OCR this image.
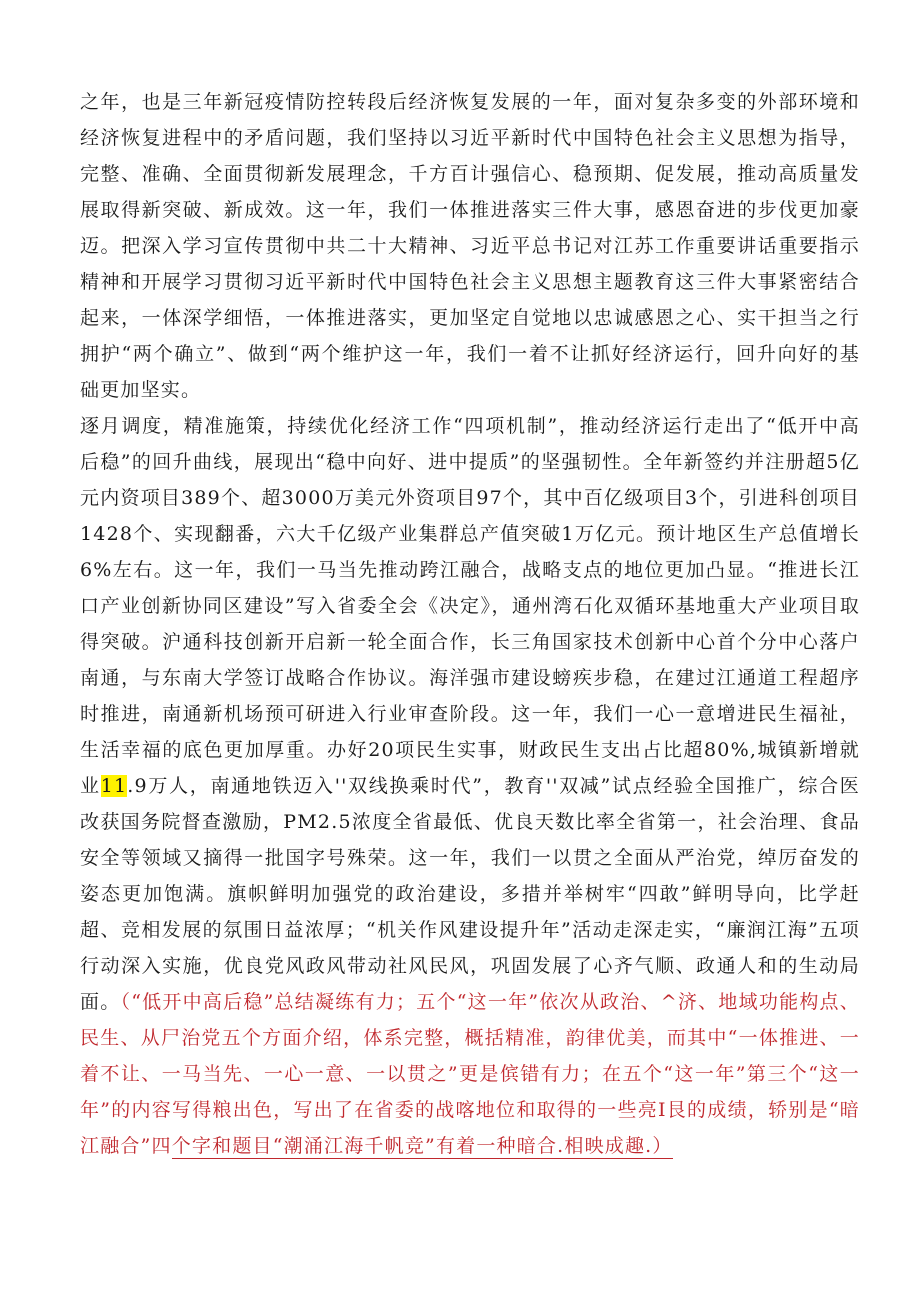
之年，也是三年新冠疫情防控转段后经济恢复发展的一年，面对复杂多变的外部环境和经济恢复进程中的矛盾问题，我们坚持以习近平新时代中国特色社会主义思想为指导，完整、准确、全面贯彻新发展理念，千方百计强信心、稳预期、促发展，推动高质量发展取得新突破、新成效。这一年，我们一体推进落实三件大事，感恩奋进的步伐更加豪迈。把深入学习宣传贯彻中共二十大精神、习近平总书记对江苏工作重要讲话重要指示精神和开展学习贯彻习近平新时代中国特色社会主义思想主题教育这三件大事紧密结合起来，一体深学细悟，一体推进落实，更加坚定自觉地以忠诚感恩之心、实干担当之行拥护“两个确立”、做到“两个维护这一年，我们一着不让抓好经济运行，回升向好的基础更加坚实。

逐月调度，精准施策，持续优化经济工作“四项机制”，推动经济运行走出了“低开中高后稳”的回升曲线，展现出“稳中向好、进中提质”的坚强韧性。全年新签约并注册超5亿元内资项目389个、超3000万美元外资项目97个，其中百亿级项目3个，引进科创项目1428个、实现翻番，六大千亿级产业集群总产值突破1万亿元。预计地区生产总值增长6%左右。这一年，我们一马当先推动跨江融合，战略支点的地位更加凸显。“推进长江口产业创新协同区建设”写入省委全会《决定》，通州湾石化双循环基地重大产业项目取得突破。沪通科技创新开启新一轮全面合作，长三角国家技术创新中心首个分中心落户南通，与东南大学签订战略合作协议。海洋强市建设螃疾步稳，在建过江通道工程超序时推进，南通新机场预可研进入行业审查阶段。这一年，我们一心一意增进民生福祉，生活幸福的底色更加厚重。办好20项民生实事，财政民生支出占比超80%,城镇新增就业11.9万人，南通地铁迈入''双线换乘时代”，教育''双减”试点经验全国推广，综合医改获国务院督查激励，PM2.5浓度全省最低、优良天数比率全省第一，社会治理、食品安全等领域又摘得一批国字号殊荣。这一年，我们一以贯之全面从严治党，绰厉奋发的姿态更加饱满。旗帜鲜明加强党的政治建设，多措并举树牢“四敢”鲜明导向，比学赶超、竞相发展的氛围日益浓厚；“机关作风建设提升年”活动走深走实，“廉润江海”五项行动深入实施，优良党风政风带动社风民风，巩固发展了心齐气顺、政通人和的生动局面。（“低开中高后稳”总结凝练有力；五个“这一年”依次从政治、^济、地域功能构点、民生、从尸治党五个方面介绍，体系完整，概括精准，韵律优美，而其中“一体推进、一着不让、一马当先、一心一意、一以贯之”更是傧错有力；在五个“这一年”第三个“这一年”的内容写得粮出色，写出了在省委的战喀地位和取得的一些亮I艮的成绩，轿别是“暗江融合”四个字和题目“潮涌江海千帆竞”有着一种暗合.相映成趣.）
